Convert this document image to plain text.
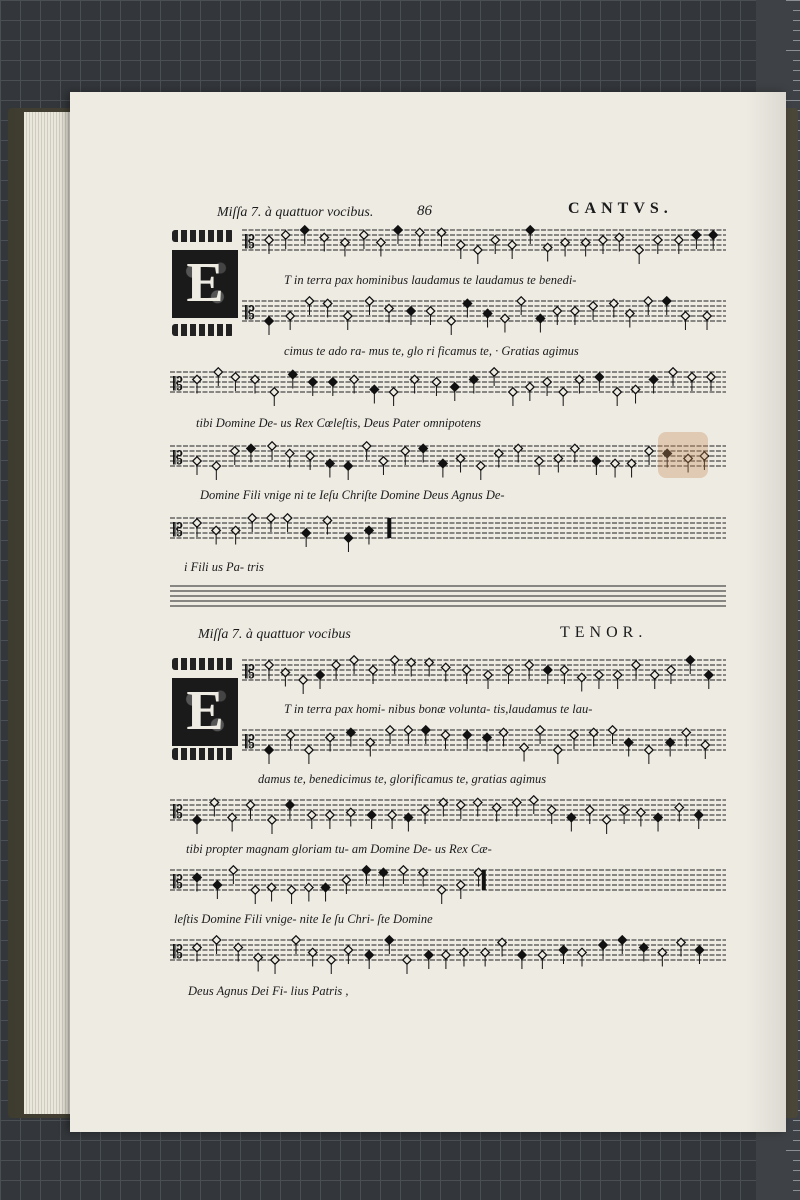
Miſſa 7. à quattuor vocibus.	86	CANTVS.
E
𝄡
T in terra pax hominibus laudamus te laudamus te benedi-
𝄡
cimus te ado ra- mus te, glo ri ficamus te, · Gratias agimus
𝄡
tibi Domine De- us Rex Cœleſtis, Deus Pater omnipotens
𝄡
Domine Fili vnige ni te Ieſu Chriſte Domine Deus Agnus De-
𝄡
i Fili us Pa- tris
Miſſa 7. à quattuor vocibus	TENOR.
E
𝄡
T in terra pax homi- nibus bonæ volunta- tis,laudamus te lau-
𝄡
damus te, benedicimus te, glorificamus te, gratias agimus
𝄡
tibi propter magnam gloriam tu- am Domine De- us Rex Cæ-
𝄡
leſtis Domine Fili vnige- nite Ie ſu Chri- ſte Domine
𝄡
Deus Agnus Dei Fi- lius Patris ,
